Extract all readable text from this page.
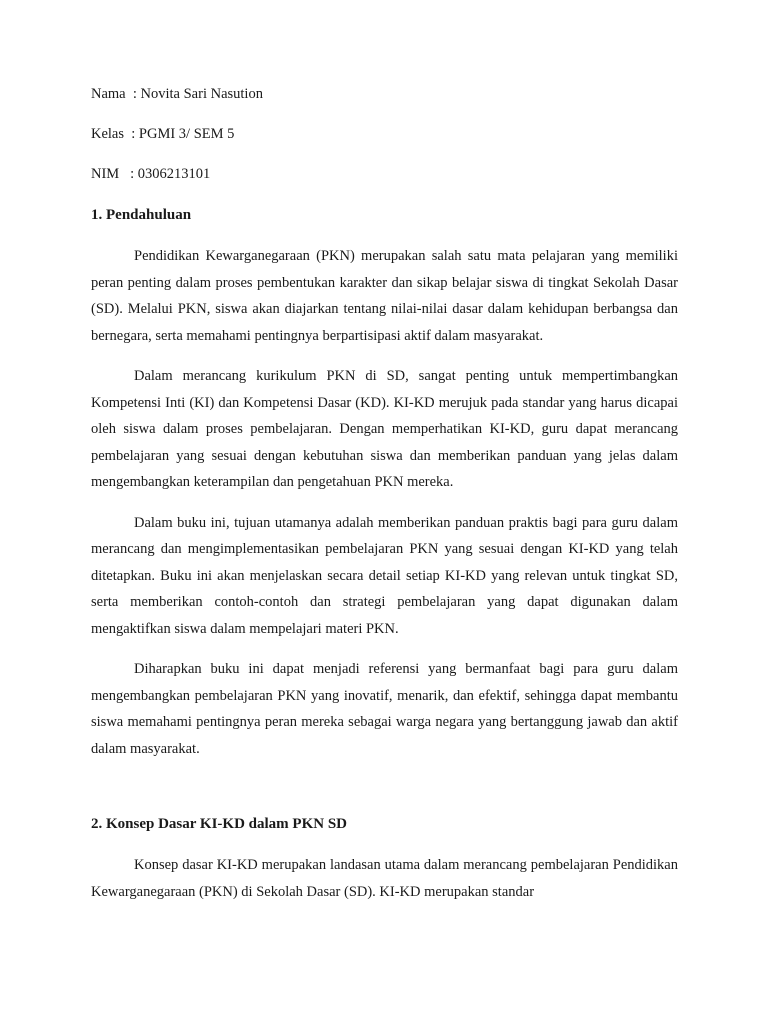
Nama  : Novita Sari Nasution

Kelas  : PGMI 3/ SEM 5

NIM   : 0306213101

1. Pendahuluan

Pendidikan Kewarganegaraan (PKN) merupakan salah satu mata pelajaran yang memiliki peran penting dalam proses pembentukan karakter dan sikap belajar siswa di tingkat Sekolah Dasar (SD). Melalui PKN, siswa akan diajarkan tentang nilai-nilai dasar dalam kehidupan berbangsa dan bernegara, serta memahami pentingnya berpartisipasi aktif dalam masyarakat.

Dalam merancang kurikulum PKN di SD, sangat penting untuk mempertimbangkan Kompetensi Inti (KI) dan Kompetensi Dasar (KD). KI-KD merujuk pada standar yang harus dicapai oleh siswa dalam proses pembelajaran. Dengan memperhatikan KI-KD, guru dapat merancang pembelajaran yang sesuai dengan kebutuhan siswa dan memberikan panduan yang jelas dalam mengembangkan keterampilan dan pengetahuan PKN mereka.

Dalam buku ini, tujuan utamanya adalah memberikan panduan praktis bagi para guru dalam merancang dan mengimplementasikan pembelajaran PKN yang sesuai dengan KI-KD yang telah ditetapkan. Buku ini akan menjelaskan secara detail setiap KI-KD yang relevan untuk tingkat SD, serta memberikan contoh-contoh dan strategi pembelajaran yang dapat digunakan dalam mengaktifkan siswa dalam mempelajari materi PKN.

Diharapkan buku ini dapat menjadi referensi yang bermanfaat bagi para guru dalam mengembangkan pembelajaran PKN yang inovatif, menarik, dan efektif, sehingga dapat membantu siswa memahami pentingnya peran mereka sebagai warga negara yang bertanggung jawab dan aktif dalam masyarakat.

2. Konsep Dasar KI-KD dalam PKN SD

Konsep dasar KI-KD merupakan landasan utama dalam merancang pembelajaran Pendidikan Kewarganegaraan (PKN) di Sekolah Dasar (SD). KI-KD merupakan standar
